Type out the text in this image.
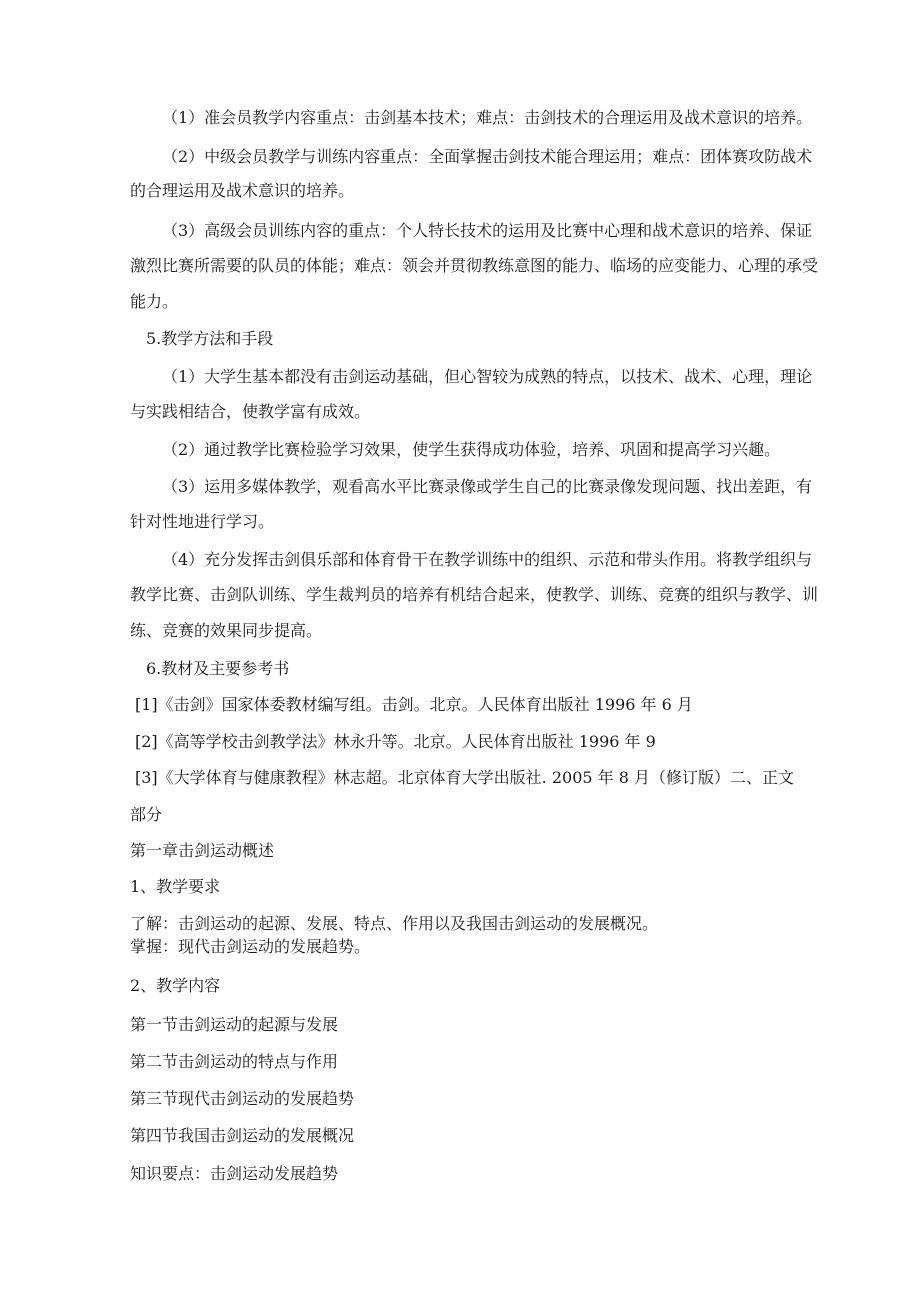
（1）准会员教学内容重点：击剑基本技术；难点：击剑技术的合理运用及战术意识的培养。
（2）中级会员教学与训练内容重点：全面掌握击剑技术能合理运用；难点：团体赛攻防战术
的合理运用及战术意识的培养。
（3）高级会员训练内容的重点：个人特长技术的运用及比赛中心理和战术意识的培养、保证
激烈比赛所需要的队员的体能；难点：领会并贯彻教练意图的能力、临场的应变能力、心理的承受
能力。
5.教学方法和手段
（1）大学生基本都没有击剑运动基础，但心智较为成熟的特点，以技术、战术、心理，理论
与实践相结合，使教学富有成效。
（2）通过教学比赛检验学习效果，使学生获得成功体验，培养、巩固和提高学习兴趣。
（3）运用多媒体教学，观看高水平比赛录像或学生自己的比赛录像发现问题、找出差距，有
针对性地进行学习。
（4）充分发挥击剑俱乐部和体育骨干在教学训练中的组织、示范和带头作用。将教学组织与
教学比赛、击剑队训练、学生裁判员的培养有机结合起来，使教学、训练、竞赛的组织与教学、训
练、竞赛的效果同步提高。
6.教材及主要参考书
[1]《击剑》国家体委教材编写组。击剑。北京。人民体育出版社 1996 年 6 月
[2]《高等学校击剑教学法》林永升等。北京。人民体育出版社 1996 年 9
[3]《大学体育与健康教程》林志超。北京体育大学出版社. 2005 年 8 月（修订版）二、正文
部分
第一章击剑运动概述
1、教学要求
了解：击剑运动的起源、发展、特点、作用以及我国击剑运动的发展概况。
掌握：现代击剑运动的发展趋势。
2、教学内容
第一节击剑运动的起源与发展
第二节击剑运动的特点与作用
第三节现代击剑运动的发展趋势
第四节我国击剑运动的发展概况
知识要点：击剑运动发展趋势
